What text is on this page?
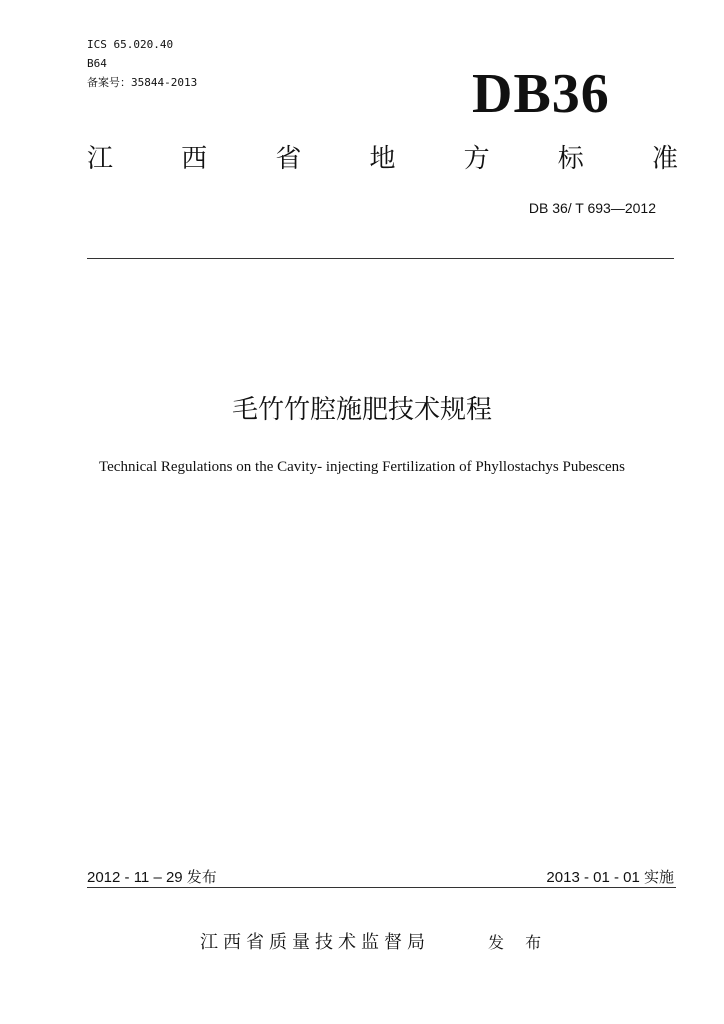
ICS 65.020.40
B64
备案号：35844-2013	DB36
江	西	省	地	方	标	准
DB 36/ T 693—2012
毛竹竹腔施肥技术规程
Technical Regulations on the Cavity- injecting Fertilization of Phyllostachys Pubescens
2012 - 11 – 29 发布	2013 - 01 - 01 实施
江西省质量技术监督局	发 布
